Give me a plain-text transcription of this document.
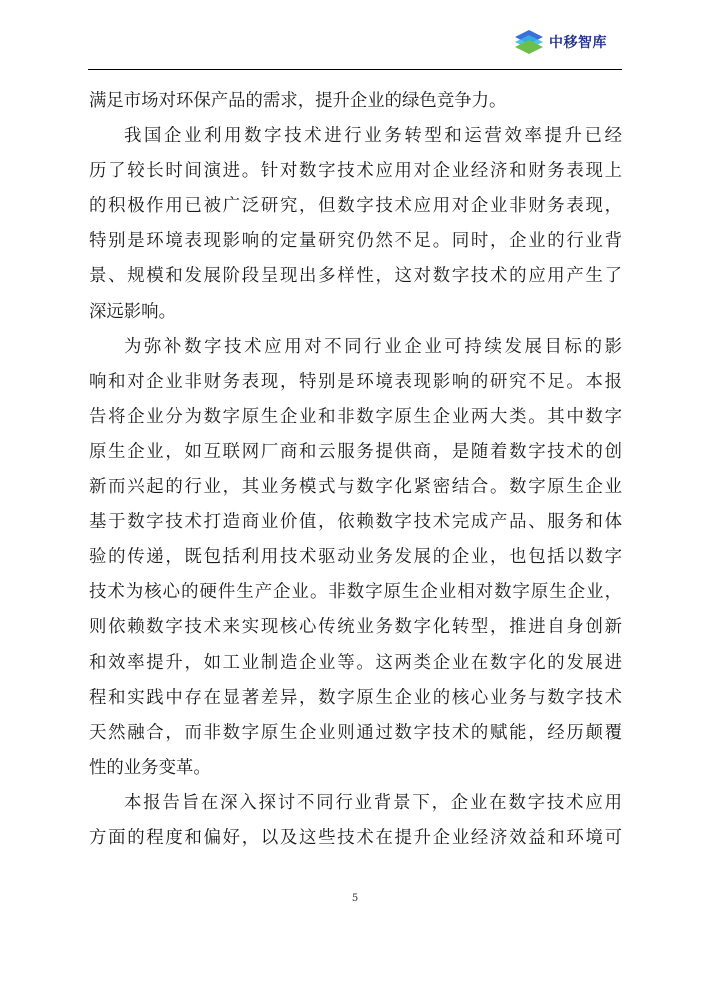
中移智库
满足市场对环保产品的需求，提升企业的绿色竞争力。
我国企业利用数字技术进行业务转型和运营效率提升已经
历了较长时间演进。针对数字技术应用对企业经济和财务表现上
的积极作用已被广泛研究，但数字技术应用对企业非财务表现，
特别是环境表现影响的定量研究仍然不足。同时，企业的行业背
景、规模和发展阶段呈现出多样性，这对数字技术的应用产生了
深远影响。
为弥补数字技术应用对不同行业企业可持续发展目标的影
响和对企业非财务表现，特别是环境表现影响的研究不足。本报
告将企业分为数字原生企业和非数字原生企业两大类。其中数字
原生企业，如互联网厂商和云服务提供商，是随着数字技术的创
新而兴起的行业，其业务模式与数字化紧密结合。数字原生企业
基于数字技术打造商业价值，依赖数字技术完成产品、服务和体
验的传递，既包括利用技术驱动业务发展的企业，也包括以数字
技术为核心的硬件生产企业。非数字原生企业相对数字原生企业，
则依赖数字技术来实现核心传统业务数字化转型，推进自身创新
和效率提升，如工业制造企业等。这两类企业在数字化的发展进
程和实践中存在显著差异，数字原生企业的核心业务与数字技术
天然融合，而非数字原生企业则通过数字技术的赋能，经历颠覆
性的业务变革。
本报告旨在深入探讨不同行业背景下，企业在数字技术应用
方面的程度和偏好，以及这些技术在提升企业经济效益和环境可
5
